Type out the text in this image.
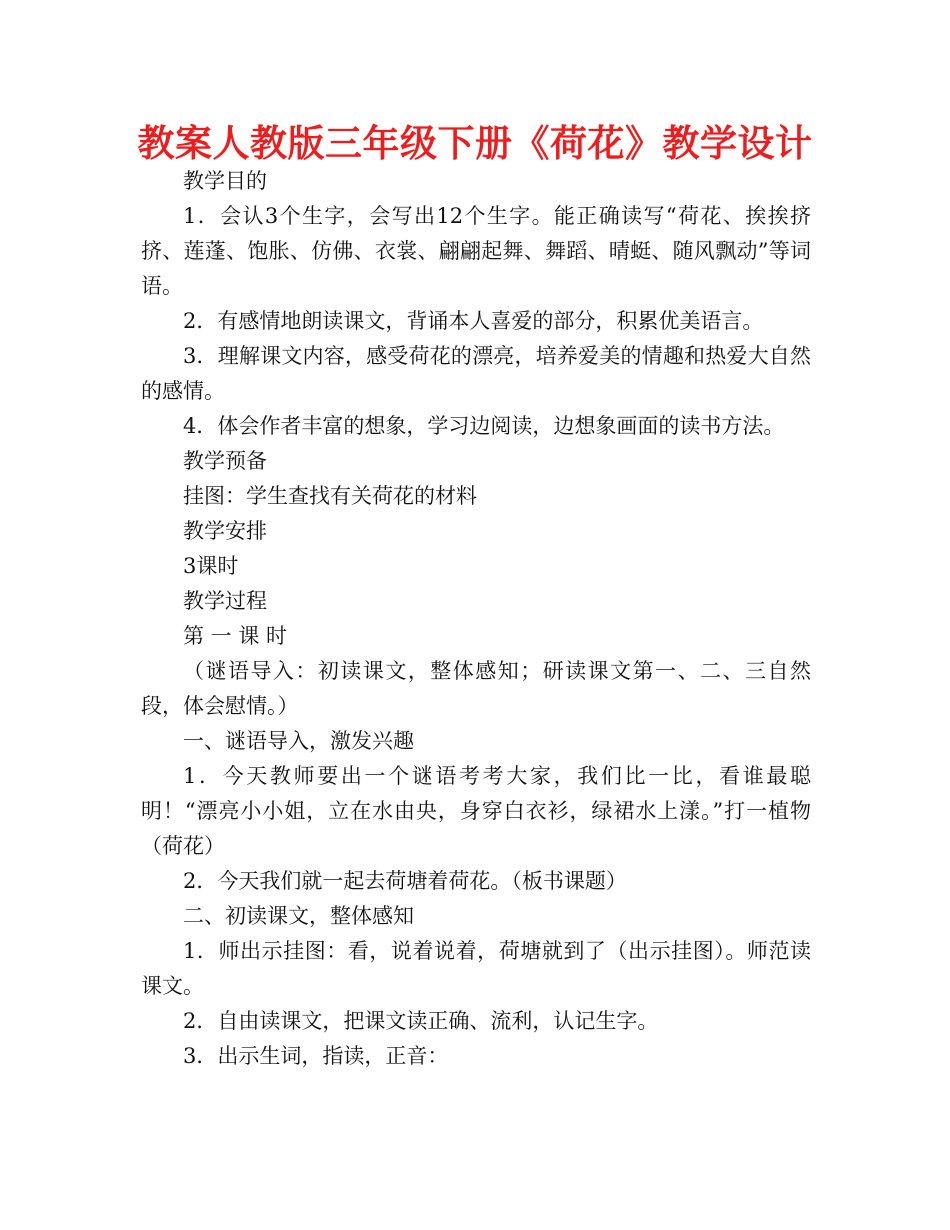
教案人教版三年级下册《荷花》教学设计

教学目的

1．会认3个生字，会写出12个生字。能正确读写“荷花、挨挨挤挤、莲蓬、饱胀、仿佛、衣裳、翩翩起舞、舞蹈、晴蜓、随风飘动”等词语。

2．有感情地朗读课文，背诵本人喜爱的部分，积累优美语言。

3．理解课文内容，感受荷花的漂亮，培养爱美的情趣和热爱大自然的感情。

4．体会作者丰富的想象，学习边阅读，边想象画面的读书方法。

教学预备

挂图：学生查找有关荷花的材料

教学安排

3课时

教学过程

第 一 课 时

（谜语导入：初读课文，整体感知；研读课文第一、二、三自然段，体会慰情。）

一、谜语导入，激发兴趣

1．今天教师要出一个谜语考考大家，我们比一比，看谁最聪明！“漂亮小小姐，立在水由央，身穿白衣衫，绿裙水上漾。”打一植物（荷花）

2．今天我们就一起去荷塘着荷花。（板书课题）

二、初读课文，整体感知

1．师出示挂图：看，说着说着，荷塘就到了（出示挂图）。师范读课文。

2．自由读课文，把课文读正确、流利，认记生字。

3．出示生词，指读，正音：
